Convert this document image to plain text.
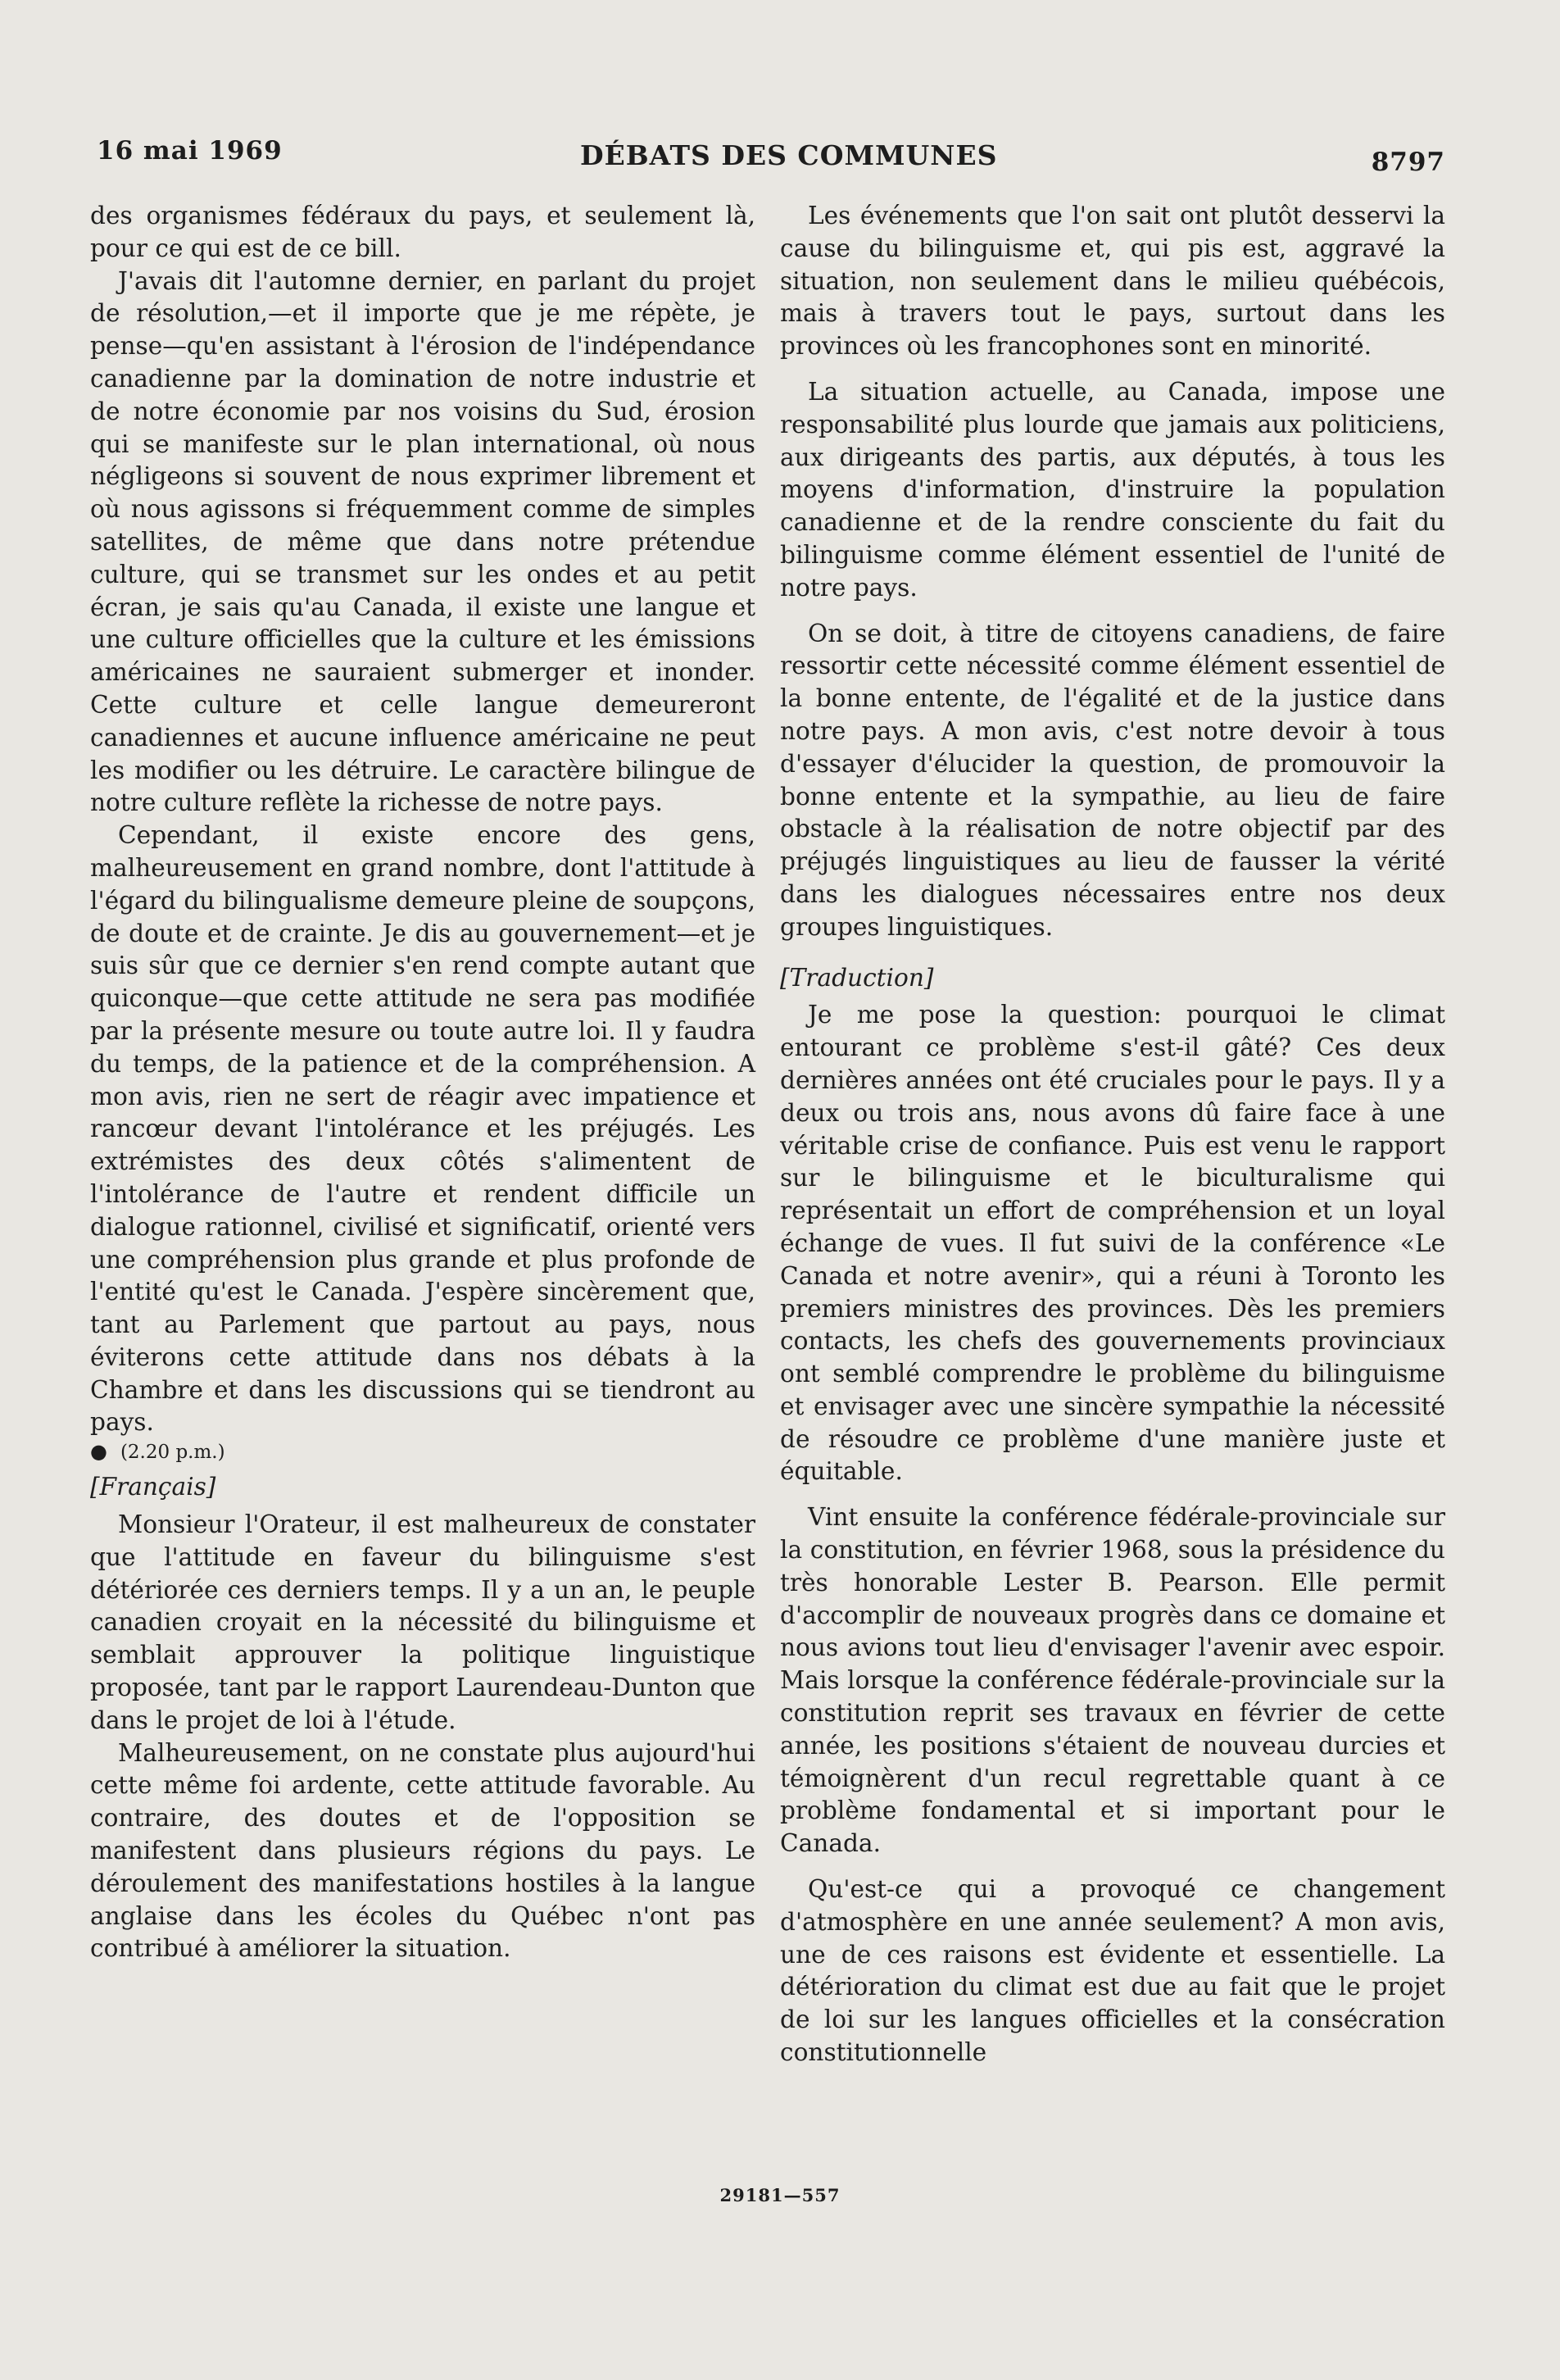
16 mai 1969	DÉBATS DES COMMUNES	8797

des organismes fédéraux du pays, et seulement là, pour ce qui est de ce bill.

J'avais dit l'automne dernier, en parlant du projet de résolution,—et il importe que je me répète, je pense—qu'en assistant à l'érosion de l'indépendance canadienne par la domination de notre industrie et de notre économie par nos voisins du Sud, érosion qui se manifeste sur le plan international, où nous négligeons si souvent de nous exprimer librement et où nous agissons si fréquemment comme de simples satellites, de même que dans notre prétendue culture, qui se transmet sur les ondes et au petit écran, je sais qu'au Canada, il existe une langue et une culture officielles que la culture et les émissions américaines ne sauraient submerger et inonder. Cette culture et celle langue demeureront canadiennes et aucune influence américaine ne peut les modifier ou les détruire. Le caractère bilingue de notre culture reflète la richesse de notre pays.

Cependant, il existe encore des gens, malheureusement en grand nombre, dont l'attitude à l'égard du bilingualisme demeure pleine de soupçons, de doute et de crainte. Je dis au gouvernement—et je suis sûr que ce dernier s'en rend compte autant que quiconque—que cette attitude ne sera pas modifiée par la présente mesure ou toute autre loi. Il y faudra du temps, de la patience et de la compréhension. A mon avis, rien ne sert de réagir avec impatience et rancœur devant l'intolérance et les préjugés. Les extrémistes des deux côtés s'alimentent de l'intolérance de l'autre et rendent difficile un dialogue rationnel, civilisé et significatif, orienté vers une compréhension plus grande et plus profonde de l'entité qu'est le Canada. J'espère sincèrement que, tant au Parlement que partout au pays, nous éviterons cette attitude dans nos débats à la Chambre et dans les discussions qui se tiendront au pays.

● (2.20 p.m.)

[Français]

Monsieur l'Orateur, il est malheureux de constater que l'attitude en faveur du bilinguisme s'est détériorée ces derniers temps. Il y a un an, le peuple canadien croyait en la nécessité du bilinguisme et semblait approuver la politique linguistique proposée, tant par le rapport Laurendeau-Dunton que dans le projet de loi à l'étude.

Malheureusement, on ne constate plus aujourd'hui cette même foi ardente, cette attitude favorable. Au contraire, des doutes et de l'opposition se manifestent dans plusieurs régions du pays. Le déroulement des manifestations hostiles à la langue anglaise dans les écoles du Québec n'ont pas contribué à améliorer la situation.

Les événements que l'on sait ont plutôt desservi la cause du bilinguisme et, qui pis est, aggravé la situation, non seulement dans le milieu québécois, mais à travers tout le pays, surtout dans les provinces où les francophones sont en minorité.

La situation actuelle, au Canada, impose une responsabilité plus lourde que jamais aux politiciens, aux dirigeants des partis, aux députés, à tous les moyens d'information, d'instruire la population canadienne et de la rendre consciente du fait du bilinguisme comme élément essentiel de l'unité de notre pays.

On se doit, à titre de citoyens canadiens, de faire ressortir cette nécessité comme élément essentiel de la bonne entente, de l'égalité et de la justice dans notre pays. A mon avis, c'est notre devoir à tous d'essayer d'élucider la question, de promouvoir la bonne entente et la sympathie, au lieu de faire obstacle à la réalisation de notre objectif par des préjugés linguistiques au lieu de fausser la vérité dans les dialogues nécessaires entre nos deux groupes linguistiques.

[Traduction]

Je me pose la question: pourquoi le climat entourant ce problème s'est-il gâté? Ces deux dernières années ont été cruciales pour le pays. Il y a deux ou trois ans, nous avons dû faire face à une véritable crise de confiance. Puis est venu le rapport sur le bilinguisme et le biculturalisme qui représentait un effort de compréhension et un loyal échange de vues. Il fut suivi de la conférence «Le Canada et notre avenir», qui a réuni à Toronto les premiers ministres des provinces. Dès les premiers contacts, les chefs des gouvernements provinciaux ont semblé comprendre le problème du bilinguisme et envisager avec une sincère sympathie la nécessité de résoudre ce problème d'une manière juste et équitable.

Vint ensuite la conférence fédérale-provinciale sur la constitution, en février 1968, sous la présidence du très honorable Lester B. Pearson. Elle permit d'accomplir de nouveaux progrès dans ce domaine et nous avions tout lieu d'envisager l'avenir avec espoir. Mais lorsque la conférence fédérale-provinciale sur la constitution reprit ses travaux en février de cette année, les positions s'étaient de nouveau durcies et témoignèrent d'un recul regrettable quant à ce problème fondamental et si important pour le Canada.

Qu'est-ce qui a provoqué ce changement d'atmosphère en une année seulement? A mon avis, une de ces raisons est évidente et essentielle. La détérioration du climat est due au fait que le projet de loi sur les langues officielles et la consécration constitutionnelle

29181—557
